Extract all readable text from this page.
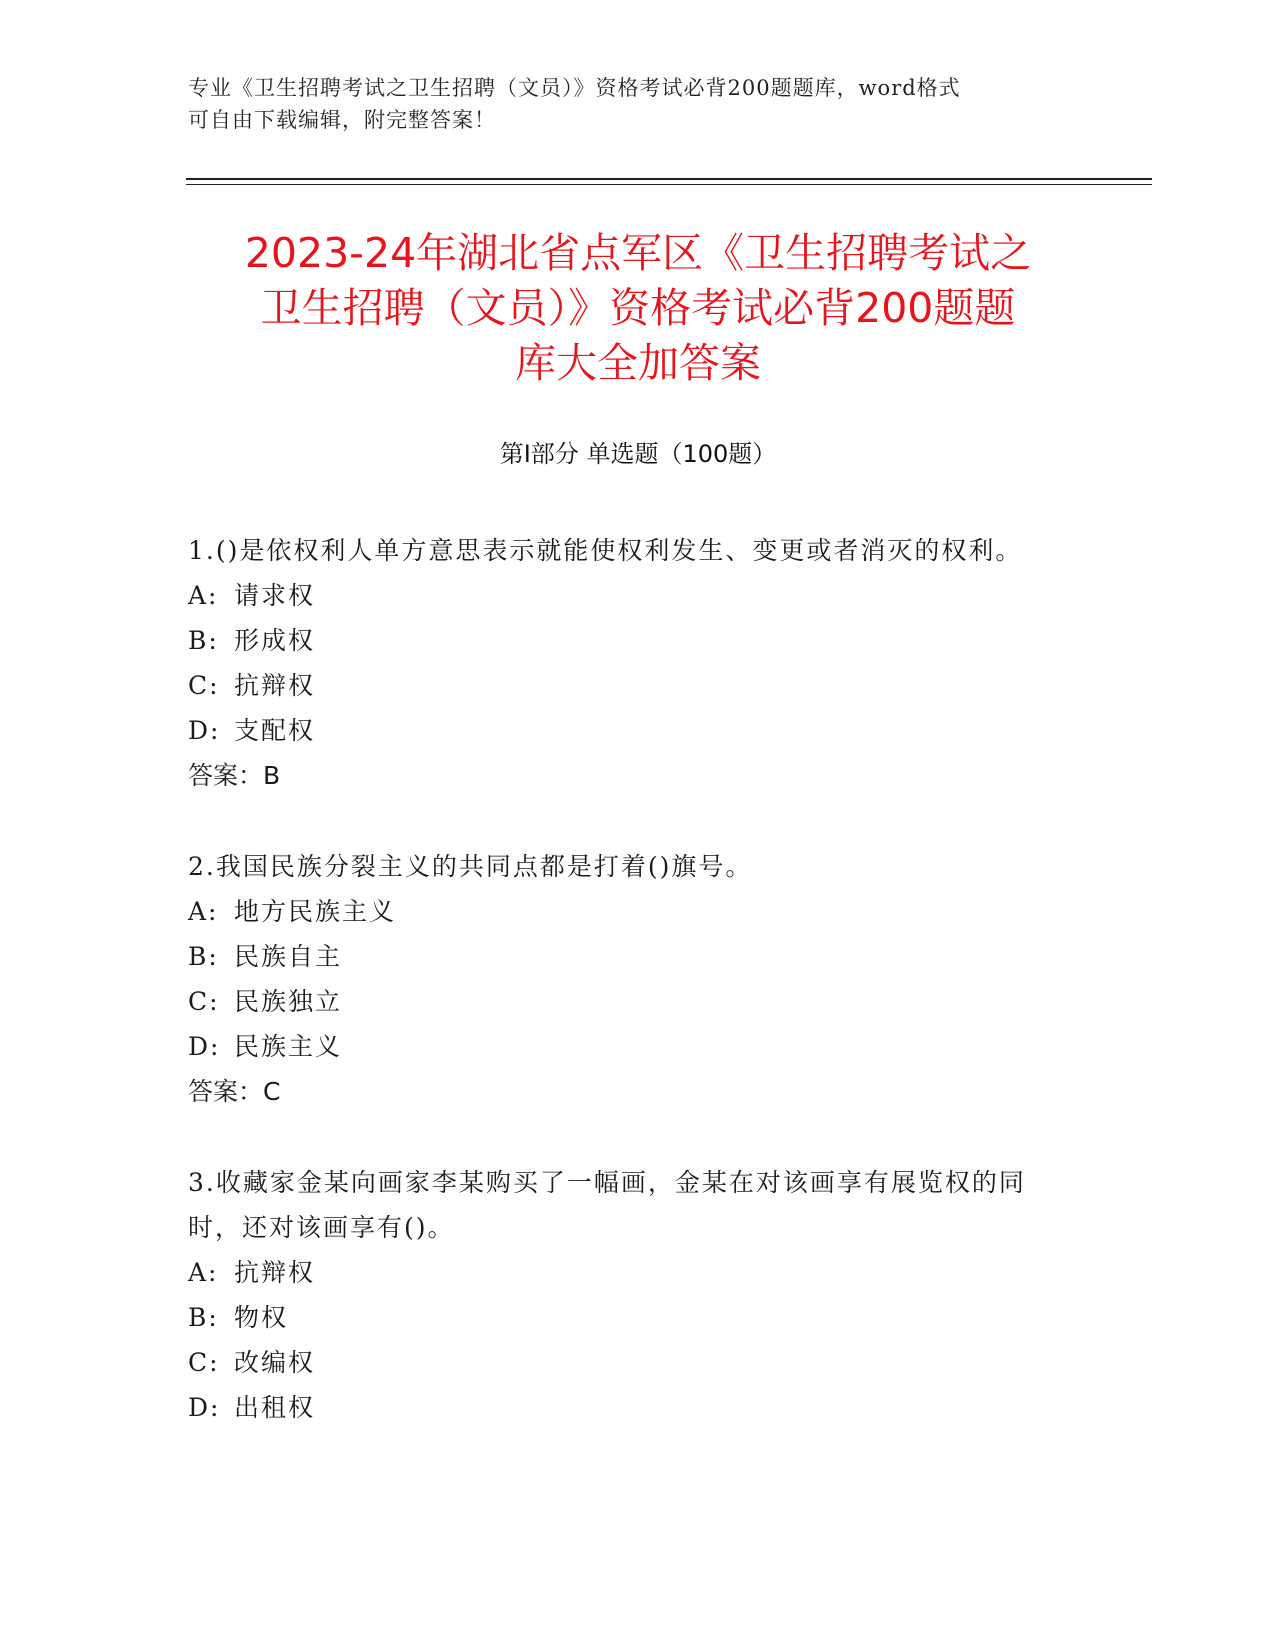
专业《卫生招聘考试之卫生招聘（文员）》资格考试必背200题题库，word格式
可自由下载编辑，附完整答案！
2023-24年湖北省点军区《卫生招聘考试之
卫生招聘（文员）》资格考试必背200题题
库大全加答案
第Ⅰ部分 单选题（100题）

1.()是依权利人单方意思表示就能使权利发生、变更或者消灭的权利。

A: 请求权

B: 形成权

C: 抗辩权

D: 支配权

答案：B

2.我国民族分裂主义的共同点都是打着()旗号。

A: 地方民族主义

B: 民族自主

C: 民族独立

D: 民族主义

答案：C

3.收藏家金某向画家李某购买了一幅画，金某在对该画享有展览权的同时，还对该画享有()。

A: 抗辩权

B: 物权

C: 改编权

D: 出租权
